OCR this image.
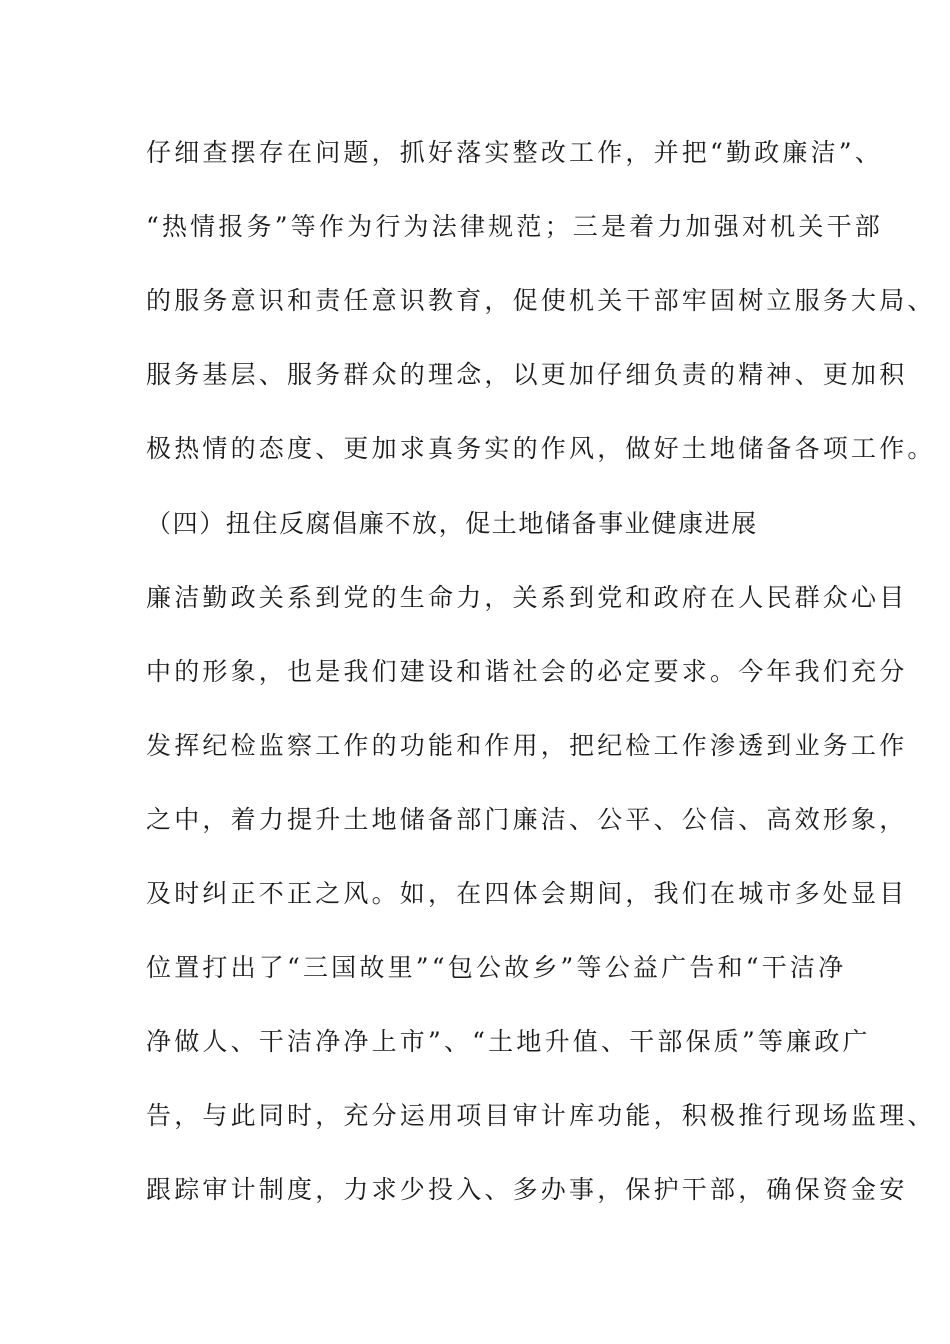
仔细查摆存在问题，抓好落实整改工作，并把“勤政廉洁”、
“热情报务”等作为行为法律规范；三是着力加强对机关干部
的服务意识和责任意识教育，促使机关干部牢固树立服务大局、
服务基层、服务群众的理念，以更加仔细负责的精神、更加积
极热情的态度、更加求真务实的作风，做好土地储备各项工作。
（四）扭住反腐倡廉不放，促土地储备事业健康进展
廉洁勤政关系到党的生命力，关系到党和政府在人民群众心目
中的形象，也是我们建设和谐社会的必定要求。今年我们充分
发挥纪检监察工作的功能和作用，把纪检工作渗透到业务工作
之中，着力提升土地储备部门廉洁、公平、公信、高效形象，
及时纠正不正之风。如，在四体会期间，我们在城市多处显目
位置打出了“三国故里”“包公故乡”等公益广告和“干洁净
净做人、干洁净净上市”、“土地升值、干部保质”等廉政广
告，与此同时，充分运用项目审计库功能，积极推行现场监理、
跟踪审计制度，力求少投入、多办事，保护干部，确保资金安
